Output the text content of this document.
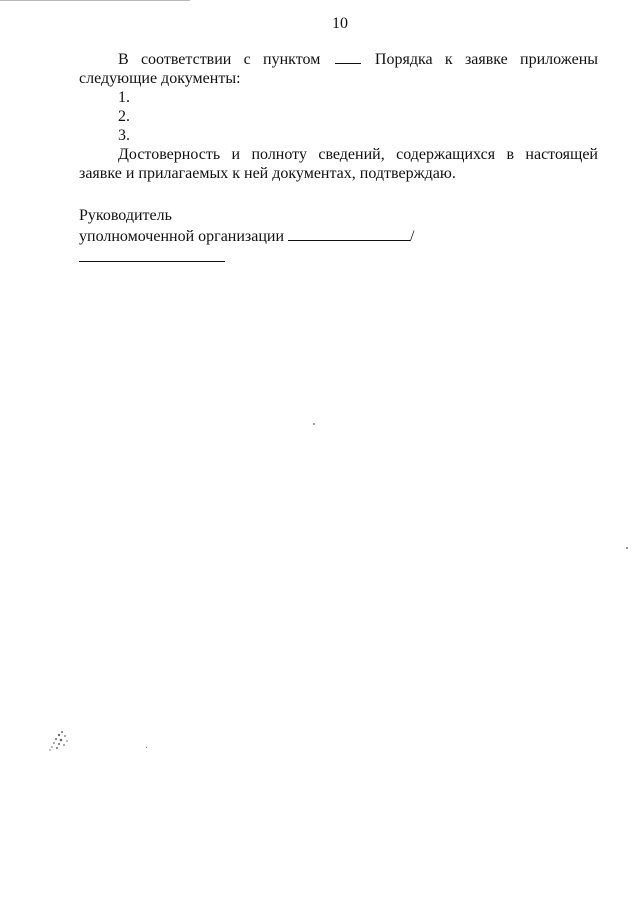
10

В соответствии с пунктом	Порядка к заявке приложены следующие документы:

1.
2.
3.

Достоверность и полноту сведений, содержащихся в настоящей заявке и прилагаемых к ней документах, подтверждаю.

Руководитель
уполномоченной организации	/
